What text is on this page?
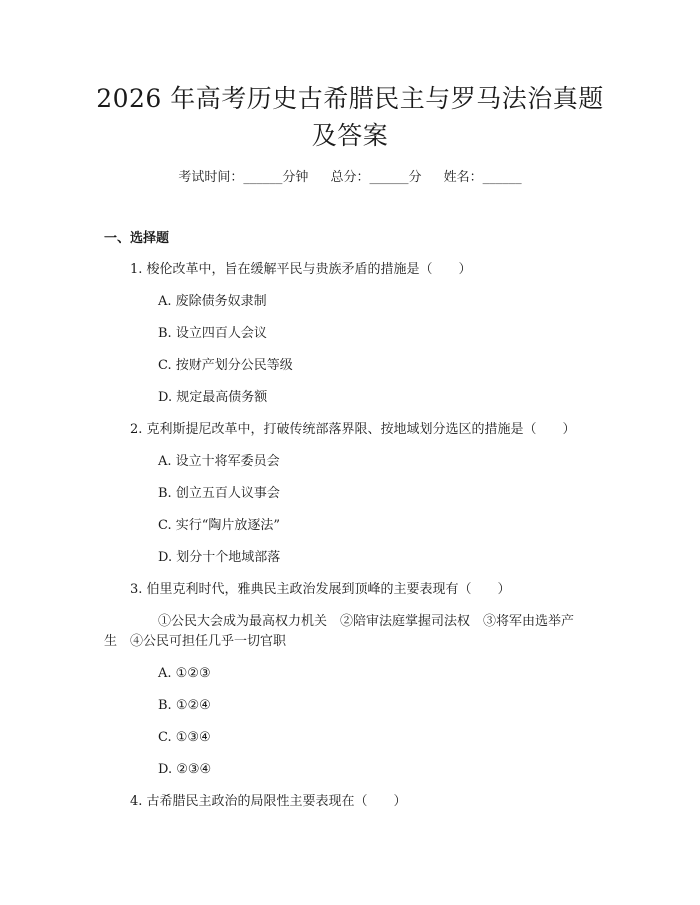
2026 年高考历史古希腊民主与罗马法治真题
及答案
考试时间：______分钟 总分：______分 姓名：______
一、选择题
1. 梭伦改革中，旨在缓解平民与贵族矛盾的措施是（　　）
A. 废除债务奴隶制
B. 设立四百人会议
C. 按财产划分公民等级
D. 规定最高债务额
2. 克利斯提尼改革中，打破传统部落界限、按地域划分选区的措施是（　　）
A. 设立十将军委员会
B. 创立五百人议事会
C. 实行“陶片放逐法”
D. 划分十个地域部落
3. 伯里克利时代，雅典民主政治发展到顶峰的主要表现有（　　）
①公民大会成为最高权力机关　②陪审法庭掌握司法权　③将军由选举产
生　④公民可担任几乎一切官职
A. ①②③
B. ①②④
C. ①③④
D. ②③④
4. 古希腊民主政治的局限性主要表现在（　　）
